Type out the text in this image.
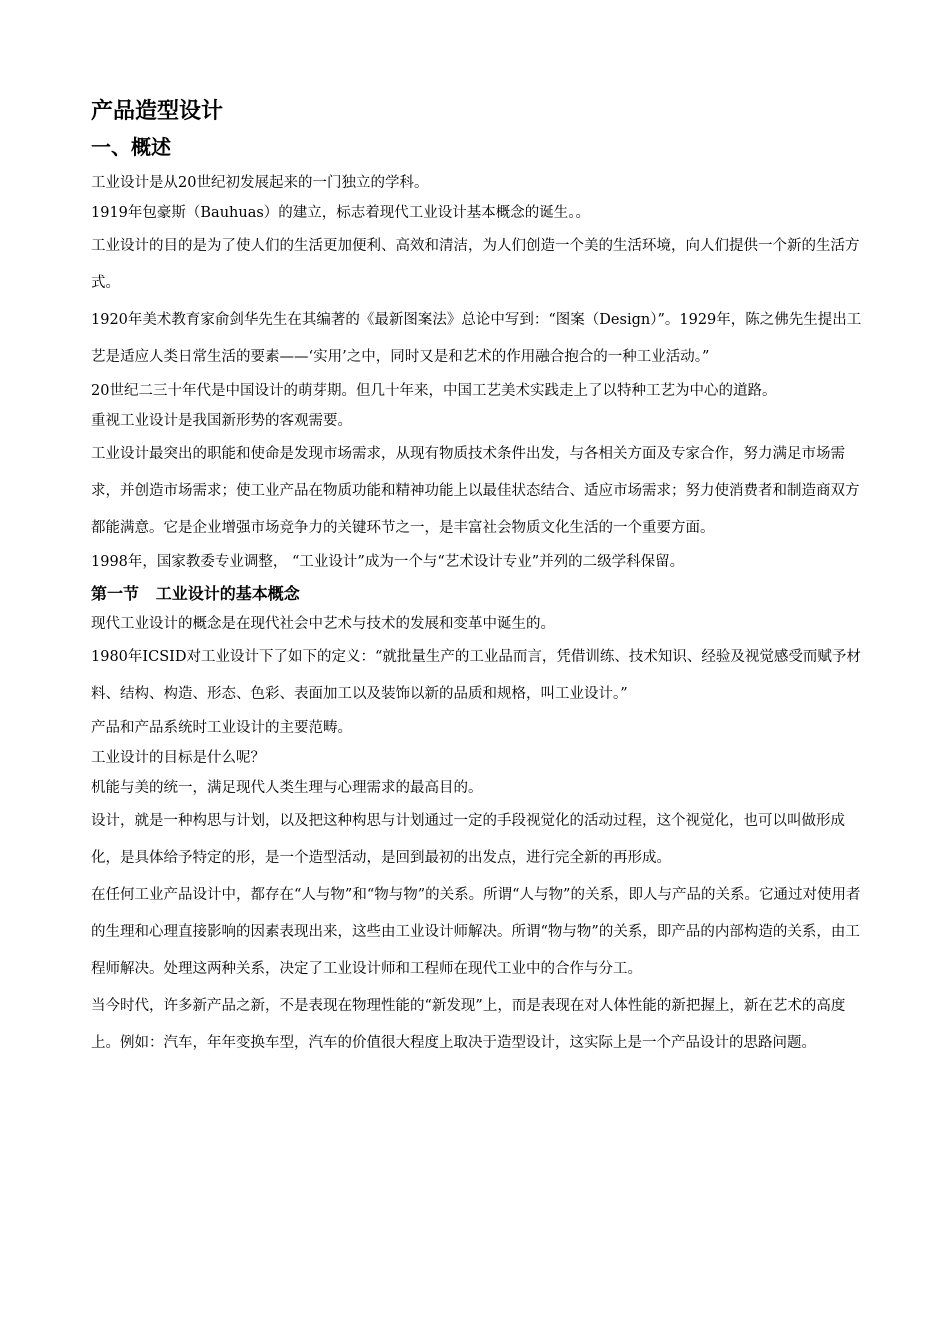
产品造型设计
一、概述

工业设计是从20世纪初发展起来的一门独立的学科。

1919年包豪斯（Bauhuas）的建立，标志着现代工业设计基本概念的诞生。。

工业设计的目的是为了使人们的生活更加便利、高效和清洁，为人们创造一个美的生活环境，向人们提供一个新的生活方式。

1920年美术教育家俞剑华先生在其编著的《最新图案法》总论中写到：“图案（Design）”。1929年，陈之佛先生提出工艺是适应人类日常生活的要素——‘实用’之中，同时又是和艺术的作用融合抱合的一种工业活动。”

20世纪二三十年代是中国设计的萌芽期。但几十年来，中国工艺美术实践走上了以特种工艺为中心的道路。

重视工业设计是我国新形势的客观需要。

工业设计最突出的职能和使命是发现市场需求，从现有物质技术条件出发，与各相关方面及专家合作，努力满足市场需求，并创造市场需求；使工业产品在物质功能和精神功能上以最佳状态结合、适应市场需求；努力使消费者和制造商双方都能满意。它是企业增强市场竞争力的关键环节之一，是丰富社会物质文化生活的一个重要方面。

1998年，国家教委专业调整， “工业设计”成为一个与“艺术设计专业”并列的二级学科保留。

第一节   工业设计的基本概念

现代工业设计的概念是在现代社会中艺术与技术的发展和变革中诞生的。

1980年ICSID对工业设计下了如下的定义：“就批量生产的工业品而言，凭借训练、技术知识、经验及视觉感受而赋予材料、结构、构造、形态、色彩、表面加工以及装饰以新的品质和规格，叫工业设计。”

产品和产品系统时工业设计的主要范畴。

工业设计的目标是什么呢？

机能与美的统一，满足现代人类生理与心理需求的最高目的。

设计，就是一种构思与计划，以及把这种构思与计划通过一定的手段视觉化的活动过程，这个视觉化，也可以叫做形成化，是具体给予特定的形，是一个造型活动，是回到最初的出发点，进行完全新的再形成。

在任何工业产品设计中，都存在“人与物”和“物与物”的关系。所谓“人与物”的关系，即人与产品的关系。它通过对使用者的生理和心理直接影响的因素表现出来，这些由工业设计师解决。所谓“物与物”的关系，即产品的内部构造的关系，由工程师解决。处理这两种关系，决定了工业设计师和工程师在现代工业中的合作与分工。

当今时代，许多新产品之新，不是表现在物理性能的“新发现”上，而是表现在对人体性能的新把握上，新在艺术的高度上。例如：汽车，年年变换车型，汽车的价值很大程度上取决于造型设计，这实际上是一个产品设计的思路问题。
